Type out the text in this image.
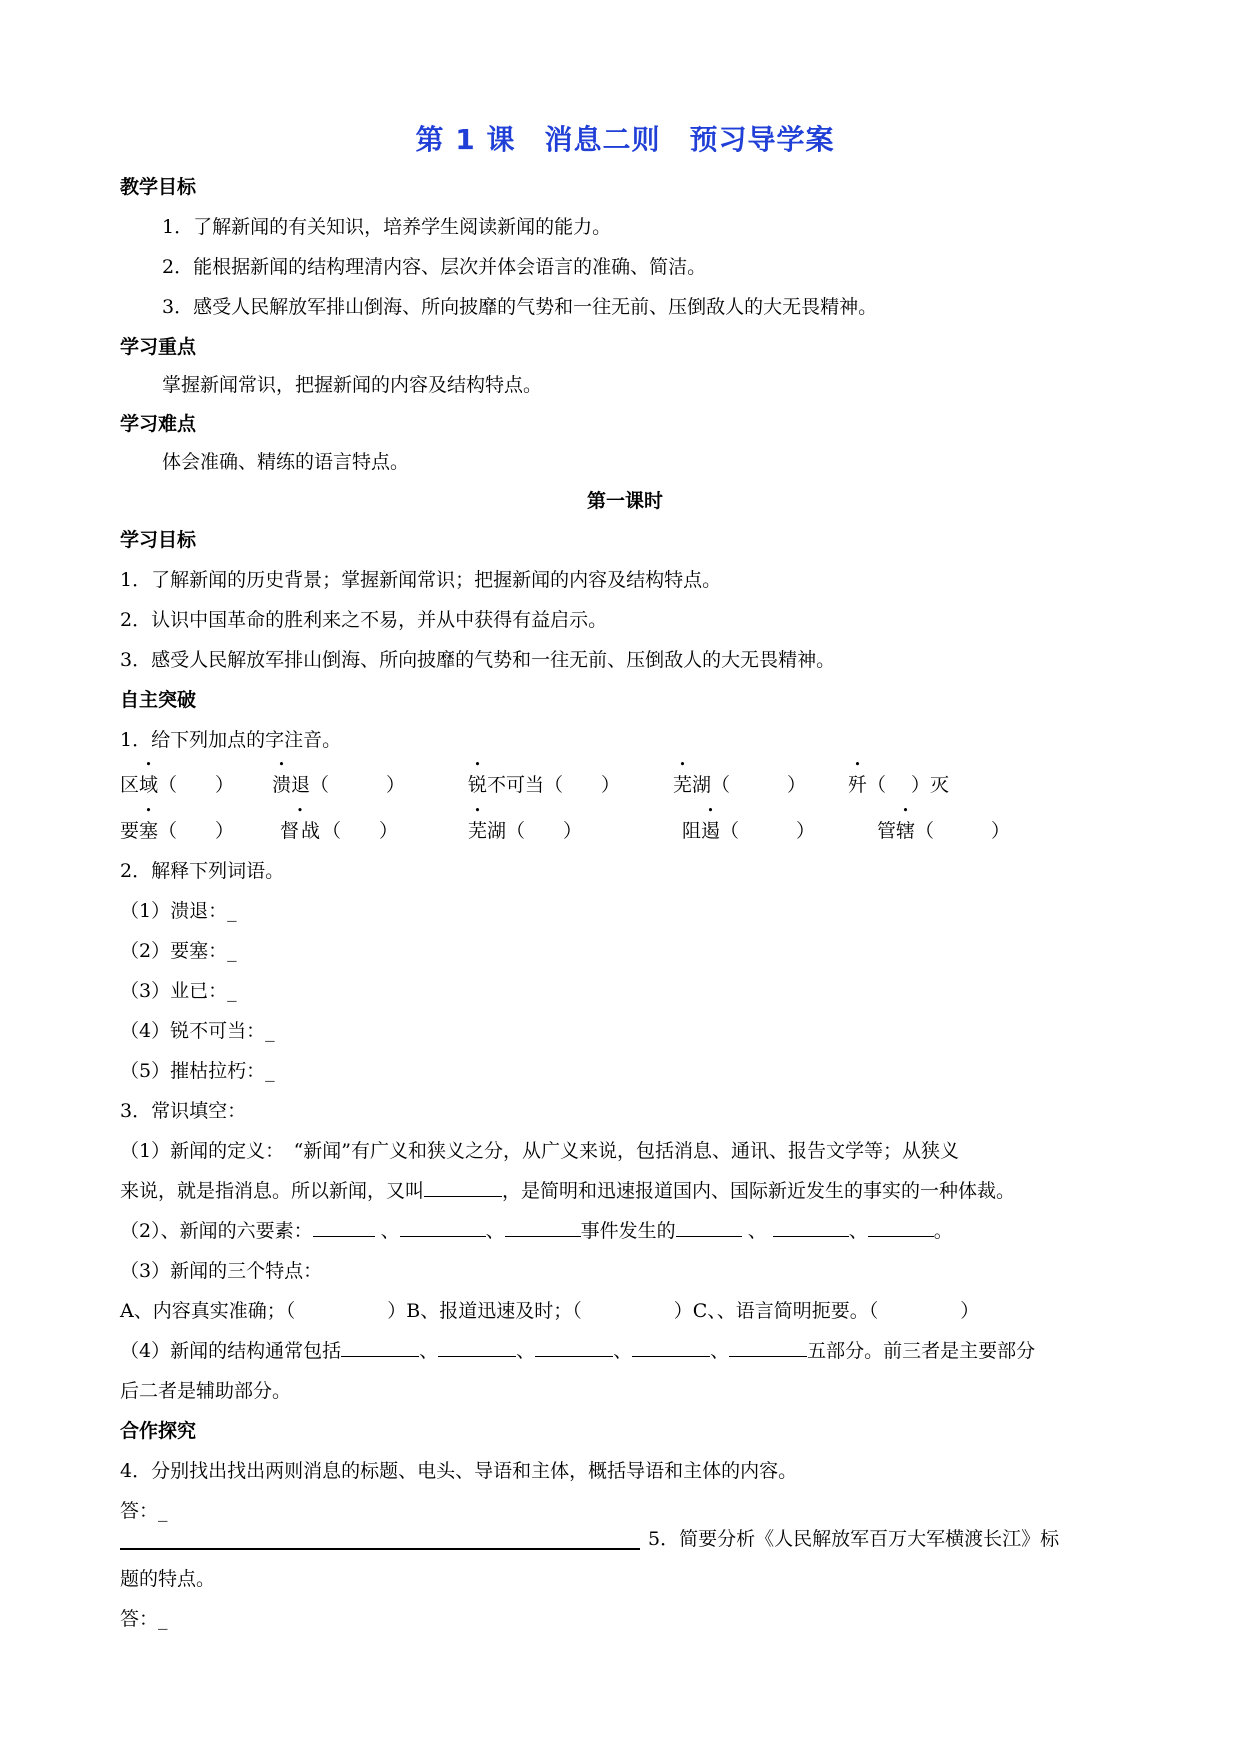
第 1 课　消息二则　预习导学案
教学目标
1．了解新闻的有关知识，培养学生阅读新闻的能力。
2．能根据新闻的结构理清内容、层次并体会语言的准确、简洁。
3．感受人民解放军排山倒海、所向披靡的气势和一往无前、压倒敌人的大无畏精神。
学习重点
掌握新闻常识，把握新闻的内容及结构特点。
学习难点
体会准确、精练的语言特点。
第一课时
学习目标
1．了解新闻的历史背景；掌握新闻常识；把握新闻的内容及结构特点。
2．认识中国革命的胜利来之不易，并从中获得有益启示。
3．感受人民解放军排山倒海、所向披靡的气势和一往无前、压倒敌人的大无畏精神。
自主突破
1．给下列加点的字注音。
区域（　　） 溃退（　　　）	锐不可当（　　）	芜湖（　　　） 歼（　 ）灭
要塞（　　） 督战（　　）	芜湖（　　）	阻遏（　　　）	管辖（　　　）
2．解释下列词语。
（1）溃退：_
（2）要塞：_
（3）业已：_
（4）锐不可当：_
（5）摧枯拉朽：_
3．常识填空：
（1）新闻的定义：　“新闻”有广义和狭义之分，从广义来说，包括消息、通讯、报告文学等；从狭义
来说，就是指消息。所以新闻，又叫	，是简明和迅速报道国内、国际新近发生的事实的一种体裁。
（2）、新闻的六要素：	、	、	事件发生的	、	、	。
（3）新闻的三个特点：
A、内容真实准确；（	）B、报道迅速及时；（	）C、、语言简明扼要。（	）
（4）新闻的结构通常包括	、	、	、	、	五部分。前三者是主要部分
后二者是辅助部分。
合作探究
4．分别找出找出两则消息的标题、电头、导语和主体，概括导语和主体的内容。
答：_
5．简要分析《人民解放军百万大军横渡长江》标
题的特点。
答：_
